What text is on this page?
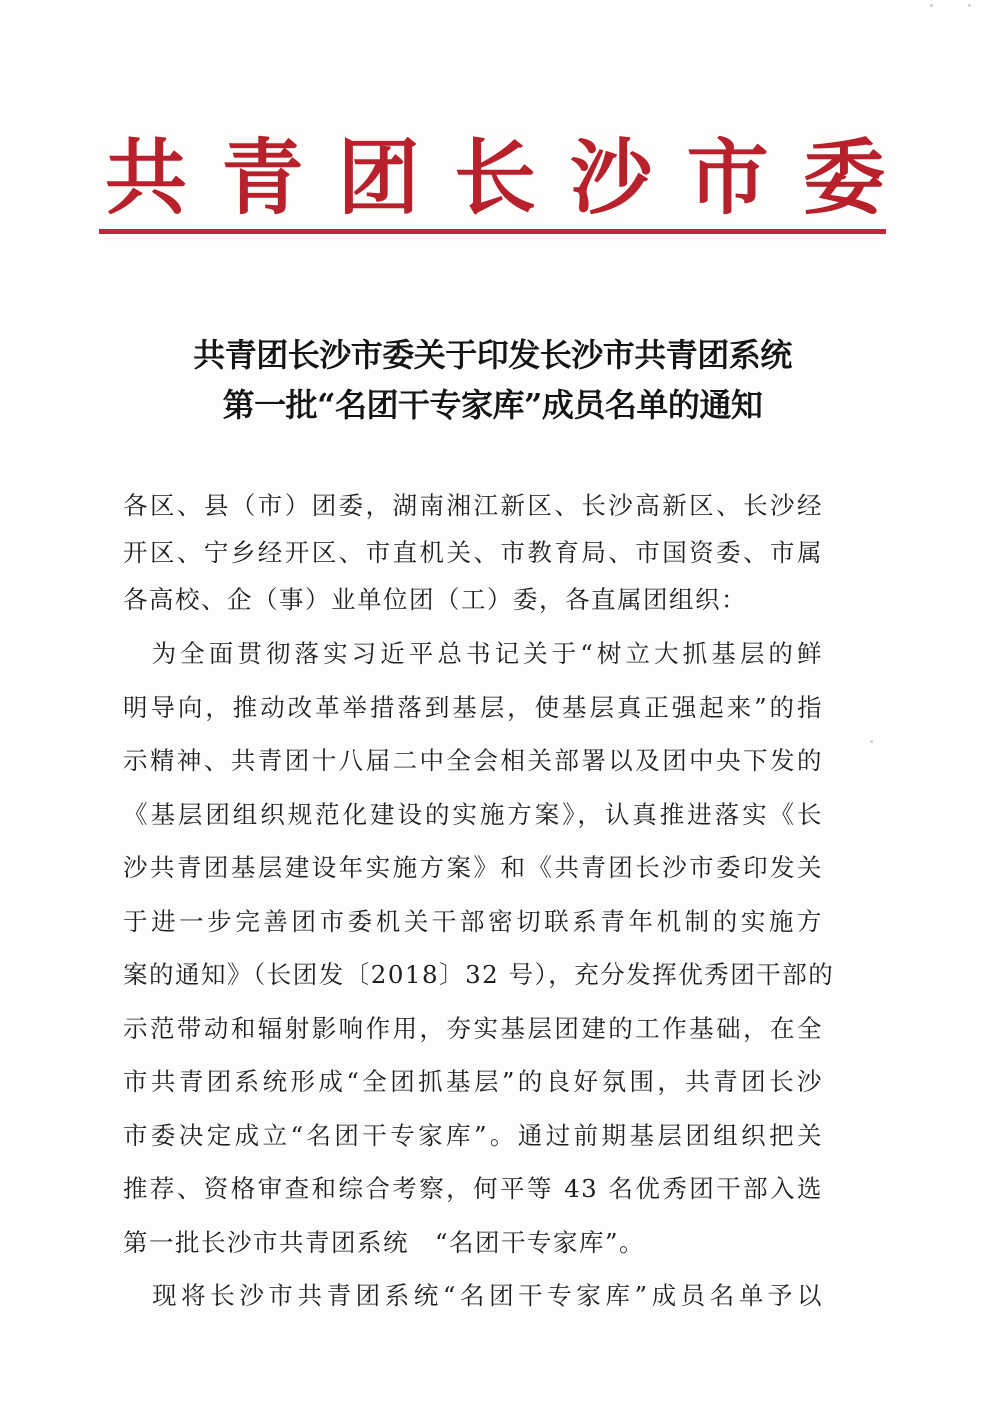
共 青 团 长 沙 市 委
共青团长沙市委关于印发长沙市共青团系统
第一批“名团干专家库”成员名单的通知

各区、县（市）团委，湖南湘江新区、长沙高新区、长沙经

开区、宁乡经开区、市直机关、市教育局、市国资委、市属

各高校、企（事）业单位团（工）委，各直属团组织：

　为全面贯彻落实习近平总书记关于“树立大抓基层的鲜

明导向，推动改革举措落到基层，使基层真正强起来”的指

示精神、共青团十八届二中全会相关部署以及团中央下发的

《基层团组织规范化建设的实施方案》，认真推进落实《长

沙共青团基层建设年实施方案》和《共青团长沙市委印发关

于进一步完善团市委机关干部密切联系青年机制的实施方

案的通知》（长团发〔2018〕32 号），充分发挥优秀团干部的

示范带动和辐射影响作用，夯实基层团建的工作基础，在全

市共青团系统形成“全团抓基层”的良好氛围，共青团长沙

市委决定成立“名团干专家库”。通过前期基层团组织把关

推荐、资格审查和综合考察，何平等 43 名优秀团干部入选

第一批长沙市共青团系统　“名团干专家库”。

　现将长沙市共青团系统“名团干专家库”成员名单予以
